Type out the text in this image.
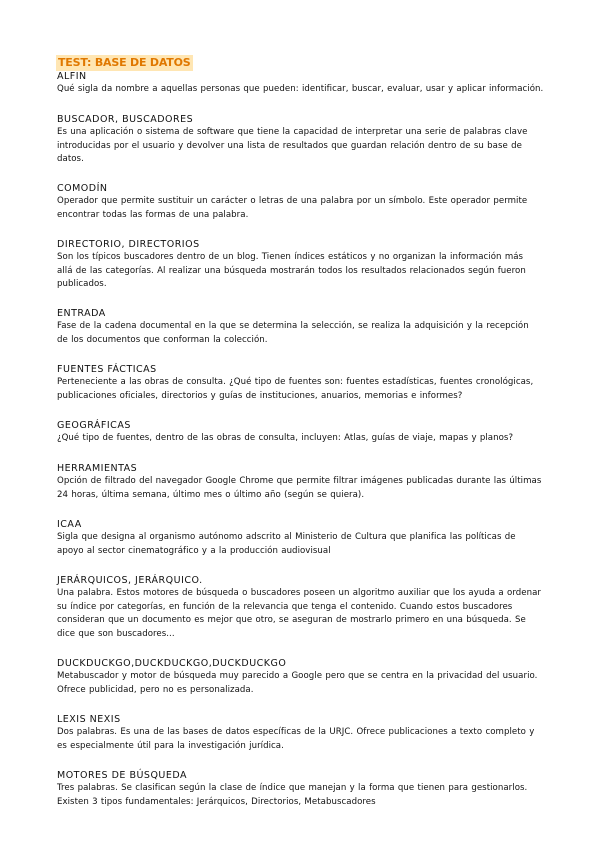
TEST: BASE DE DATOS
ALFIN
Qué sigla da nombre a aquellas personas que pueden: identificar, buscar, evaluar, usar y aplicar información.
BUSCADOR, BUSCADORES
Es una aplicación o sistema de software que tiene la capacidad de interpretar una serie de palabras clave
introducidas por el usuario y devolver una lista de resultados que guardan relación dentro de su base de
datos.
COMODÍN
Operador que permite sustituir un carácter o letras de una palabra por un símbolo. Este operador permite
encontrar todas las formas de una palabra.
DIRECTORIO, DIRECTORIOS
Son los típicos buscadores dentro de un blog. Tienen índices estáticos y no organizan la información más
allá de las categorías. Al realizar una búsqueda mostrarán todos los resultados relacionados según fueron
publicados.
ENTRADA
Fase de la cadena documental en la que se determina la selección, se realiza la adquisición y la recepción
de los documentos que conforman la colección.
FUENTES FÁCTICAS
Perteneciente a las obras de consulta. ¿Qué tipo de fuentes son: fuentes estadísticas, fuentes cronológicas,
publicaciones oficiales, directorios y guías de instituciones, anuarios, memorias e informes?
GEOGRÁFICAS
¿Qué tipo de fuentes, dentro de las obras de consulta, incluyen: Atlas, guías de viaje, mapas y planos?
HERRAMIENTAS
Opción de filtrado del navegador Google Chrome que permite filtrar imágenes publicadas durante las últimas
24 horas, última semana, último mes o último año (según se quiera).
ICAA
Sigla que designa al organismo autónomo adscrito al Ministerio de Cultura que planifica las políticas de
apoyo al sector cinematográfico y a la producción audiovisual
JERÁRQUICOS, JERÁRQUICO.
Una palabra. Estos motores de búsqueda o buscadores poseen un algoritmo auxiliar que los ayuda a ordenar
su índice por categorías, en función de la relevancia que tenga el contenido. Cuando estos buscadores
consideran que un documento es mejor que otro, se aseguran de mostrarlo primero en una búsqueda. Se
dice que son buscadores...
DUCKDUCKGO,DUCKDUCKGO,DUCKDUCKGO
Metabuscador y motor de búsqueda muy parecido a Google pero que se centra en la privacidad del usuario.
Ofrece publicidad, pero no es personalizada.
LEXIS NEXIS
Dos palabras. Es una de las bases de datos específicas de la URJC. Ofrece publicaciones a texto completo y
es especialmente útil para la investigación jurídica.
MOTORES DE BÚSQUEDA
Tres palabras. Se clasifican según la clase de índice que manejan y la forma que tienen para gestionarlos.
Existen 3 tipos fundamentales: Jerárquicos, Directorios, Metabuscadores
